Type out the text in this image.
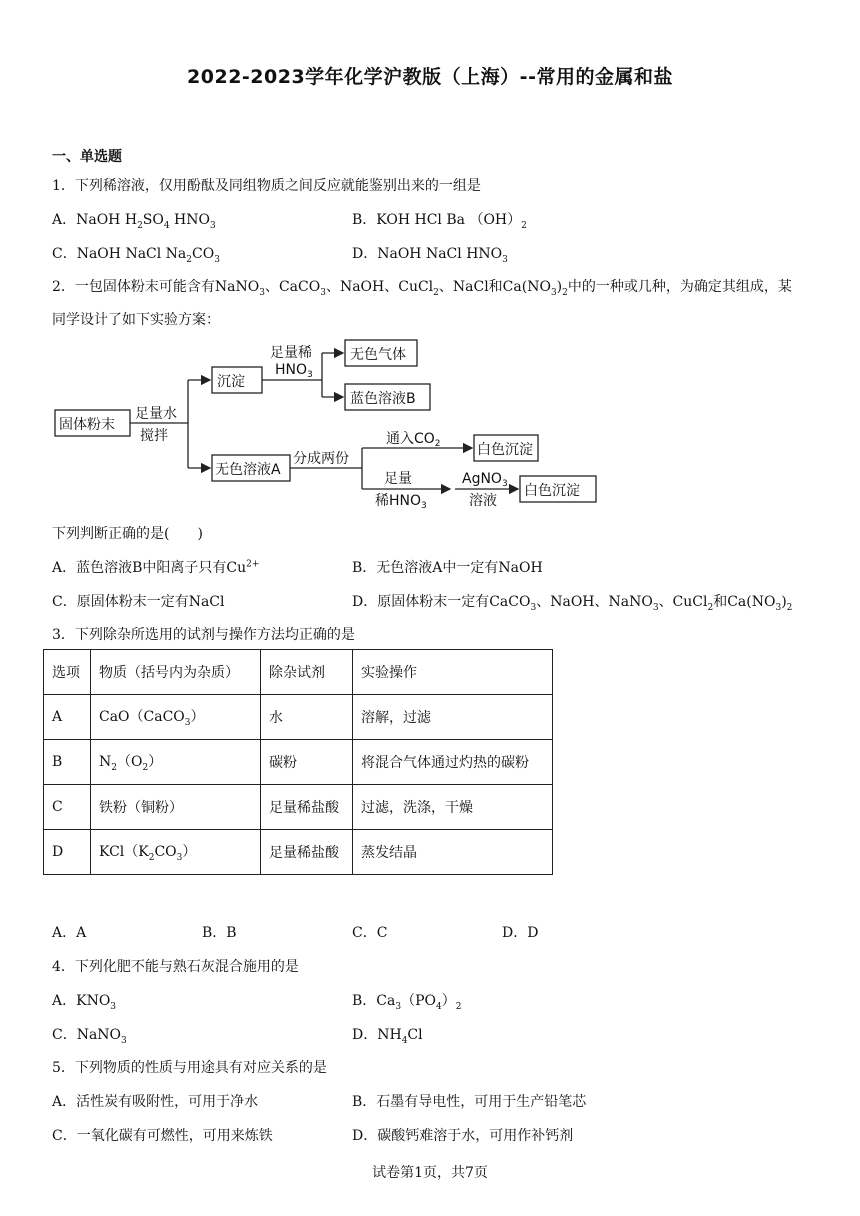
2022-2023学年化学沪教版（上海）--常用的金属和盐
一、单选题
1．下列稀溶液，仅用酚酞及同组物质之间反应就能鉴别出来的一组是
A．NaOH $H_2SO_4$ $HNO_3$	B．KOH HCl Ba $(OH)_2$
C．NaOH NaCl $Na_2CO_3$	D．NaOH NaCl $HNO_3$
2．一包固体粉末可能含有NaNO$_3$、CaCO$_3$、NaOH、CuCl$_2$、NaCl和$Ca(NO_3)_2$中的一种或几种，为确定其组成，某
同学设计了如下实验方案：
固体粉末
沉淀
无色气体
蓝色溶液B
无色溶液A
白色沉淀
白色沉淀
足量水
搅拌
足量稀
$HNO_3$
分成两份
通入$CO_2$
足量
稀$HNO_3$
AgNO$_3$
溶液
下列判断正确的是(　　)
A．蓝色溶液B中阳离子只有$Cu^{2+}$	B．无色溶液A中一定有NaOH
C．原固体粉末一定有NaCl	D．原固体粉末一定有CaCO$_3$、NaOH、NaNO$_3$、CuCl$_2$和$Ca(NO_3)_2$
3．下列除杂所选用的试剂与操作方法均正确的是
选项	物质（括号内为杂质）	除杂试剂	实验操作
A	CaO（CaCO$_3$）	水	溶解，过滤
B	$N_2(O_2)$	碳粉	将混合气体通过灼热的碳粉
C	铁粉（铜粉）	足量稀盐酸	过滤，洗涤，干燥
D	$KCl(K_2CO_3)$	足量稀盐酸	蒸发结晶
A．A	B．B	C．C	D．D
4．下列化肥不能与熟石灰混合施用的是
A．$KNO_3$	B．$Ca_3(PO_4)_2$
C．NaNO$_3$	D．$NH_4Cl$
5．下列物质的性质与用途具有对应关系的是
A．活性炭有吸附性，可用于净水	B．石墨有导电性，可用于生产铅笔芯
C．一氧化碳有可燃性，可用来炼铁	D．碳酸钙难溶于水，可用作补钙剂
试卷第1页，共7页
